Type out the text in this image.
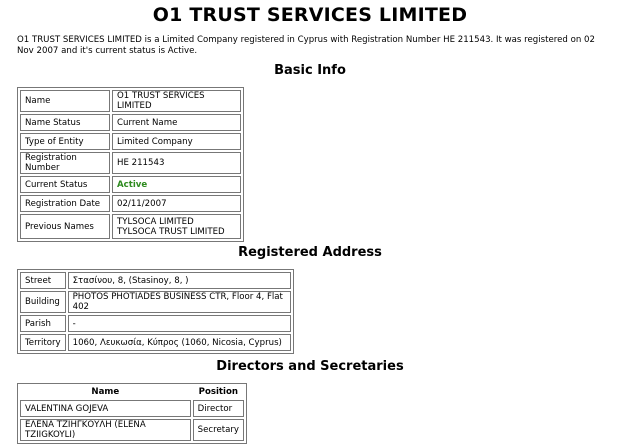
O1 TRUST SERVICES LIMITED
O1 TRUST SERVICES LIMITED is a Limited Company registered in Cyprus with Registration Number HE 211543. It was registered on 02 Nov 2007 and it's current status is Active.
Basic Info
Name	O1 TRUST SERVICES LIMITED
Name Status	Current Name
Type of Entity	Limited Company
Registration Number	HE 211543
Current Status	Active
Registration Date	02/11/2007
Previous Names	TYLSOCA LIMITED
TYLSOCA TRUST LIMITED
Registered Address
Street	Στασίνου, 8, (Stasinoy, 8, )
Building	PHOTOS PHOTIADES BUSINESS CTR, Floor 4, Flat 402
Parish	-
Territory	1060, Λευκωσία, Κύπρος (1060, Nicosia, Cyprus)
Directors and Secretaries
Name	Position
VALENTINA GOJEVA	Director
ΕΛΕΝΑ ΤΖΙΗΓΚΟΥΛΗ (ELENA TZIIGKOYLI)	Secretary
